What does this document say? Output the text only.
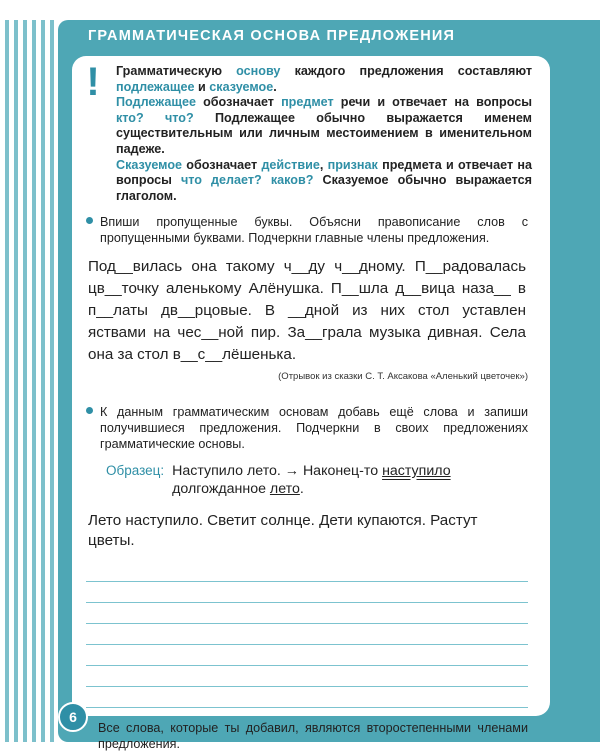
ГРАММАТИЧЕСКАЯ ОСНОВА ПРЕДЛОЖЕНИЯ
!	Грамматическую основу каждого предложения составляют подлежащее и сказуемое.

Подлежащее обозначает предмет речи и отвечает на вопросы кто? что? Подлежащее обычно выражается именем существительным или личным местоимением в именительном падеже.

Сказуемое обозначает действие, признак предмета и отвечает на вопросы что делает? каков? Сказуемое обычно выражается глаголом.

Впиши пропущенные буквы. Объясни правописание слов с пропущенными буквами. Подчеркни главные члены предложения.
Под__вилась она такому ч__ду ч__дному. П__радовалась цв__точку аленькому Алёнушка. П__шла д__вица наза__ в п__латы дв__рцовые. В __дной из них стол уставлен яствами на чес__ной пир. За__грала музыка дивная. Села она за стол в__с__лёшенька.
(Отрывок из сказки С. Т. Аксакова «Аленький цветочек»)
К данным грамматическим основам добавь ещё слова и запиши получившиеся предложения. Подчеркни в своих предложениях грамматические основы.
Образец: Наступило лето. → Наконец-то наступило долгожданное лето.
Лето наступило. Светит солнце. Дети купаются. Растут цветы.
Все слова, которые ты добавил, являются второстепенными членами предложения.
6
